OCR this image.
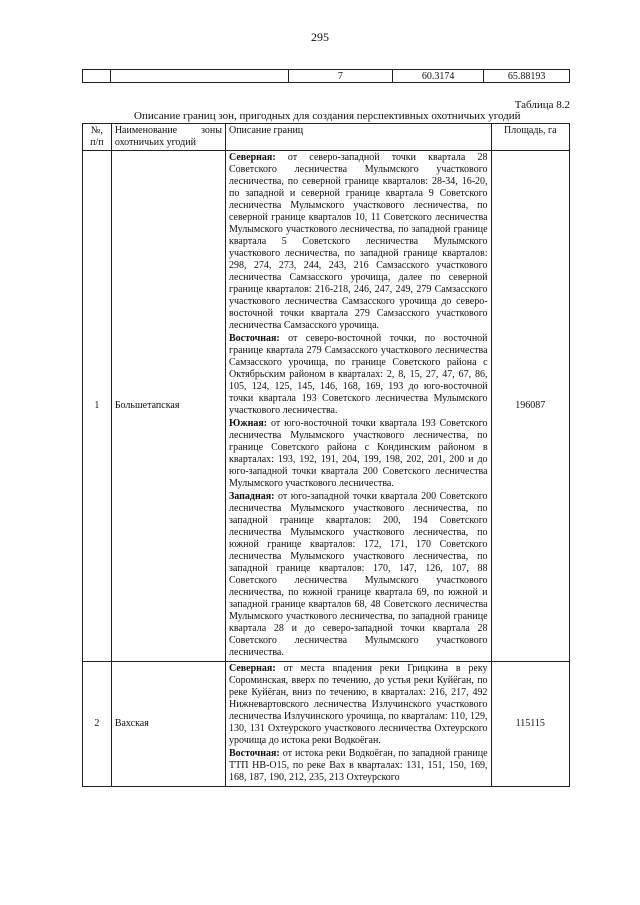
295
		7	60.3174	65.88193
Таблица 8.2
Описание границ зон, пригодных для создания перспективных охотничьих угодий
№, п/п	Наименование зоны охотничьих угодий	Описание границ	Площадь, га
1	Большетапская	Северная: от северо-западной точки квартала 28 Советского лесничества Мулымского участкового лесничества, по северной границе кварталов: 28-34, 16-20, по западной и северной границе квартала 9 Советского лесничества Мулымского участкового лесничества, по северной границе кварталов 10, 11 Советского лесничества Мулымского участкового лесничества, по западной границе квартала 5 Советского лесничества Мулымского участкового лесничества, по западной границе кварталов: 298, 274, 273, 244, 243, 216 Самзасского участкового лесничества Самзасского урочища, далее по северной границе кварталов: 216-218, 246, 247, 249, 279 Самзасского участкового лесничества Самзасского урочища до северо-восточной точки квартала 279 Самзасского участкового лесничества Самзасского урочища.
Восточная: от северо-восточной точки, по восточной границе квартала 279 Самзасского участкового лесничества Самзасского урочища, по границе Советского района с Октябрьским районом в кварталах: 2, 8, 15, 27, 47, 67, 86, 105, 124, 125, 145, 146, 168, 169, 193 до юго-восточной точки квартала 193 Советского лесничества Мулымского участкового лесничества.
Южная: от юго-восточной точки квартала 193 Советского лесничества Мулымского участкового лесничества, по границе Советского района с Кондинским районом в кварталах: 193, 192, 191, 204, 199, 198, 202, 201, 200 и до юго-западной точки квартала 200 Советского лесничества Мулымского участкового лесничества.
Западная: от юго-западной точки квартала 200 Советского лесничества Мулымского участкового лесничества, по западной границе кварталов: 200, 194 Советского лесничества Мулымского участкового лесничества, по южной границе кварталов: 172, 171, 170 Советского лесничества Мулымского участкового лесничества, по западной границе кварталов: 170, 147, 126, 107, 88 Советского лесничества Мулымского участкового лесничества, по южной границе квартала 69, по южной и западной границе кварталов 68, 48 Советского лесничества Мулымского участкового лесничества, по западной границе квартала 28 и до северо-западной точки квартала 28 Советского лесничества Мулымского участкового лесничества.	196087
2	Вахская	Северная: от места впадения реки Грицкина в реку Сороминская, вверх по течению, до устья реки Куйёган, по реке Куйёган, вниз по течению, в кварталах: 216, 217, 492 Нижневартовского лесничества Излучинского участкового лесничества Излучинского урочища, по кварталам: 110, 129, 130, 131 Охтеурского участкового лесничества Охтеурского урочища до истока реки Водкоёган.
Восточная: от истока реки Водкоёган, по западной границе ТТП НВ-О15, по реке Вах в кварталах: 131, 151, 150, 169, 168, 187, 190, 212, 235, 213 Охтеурского	115115
